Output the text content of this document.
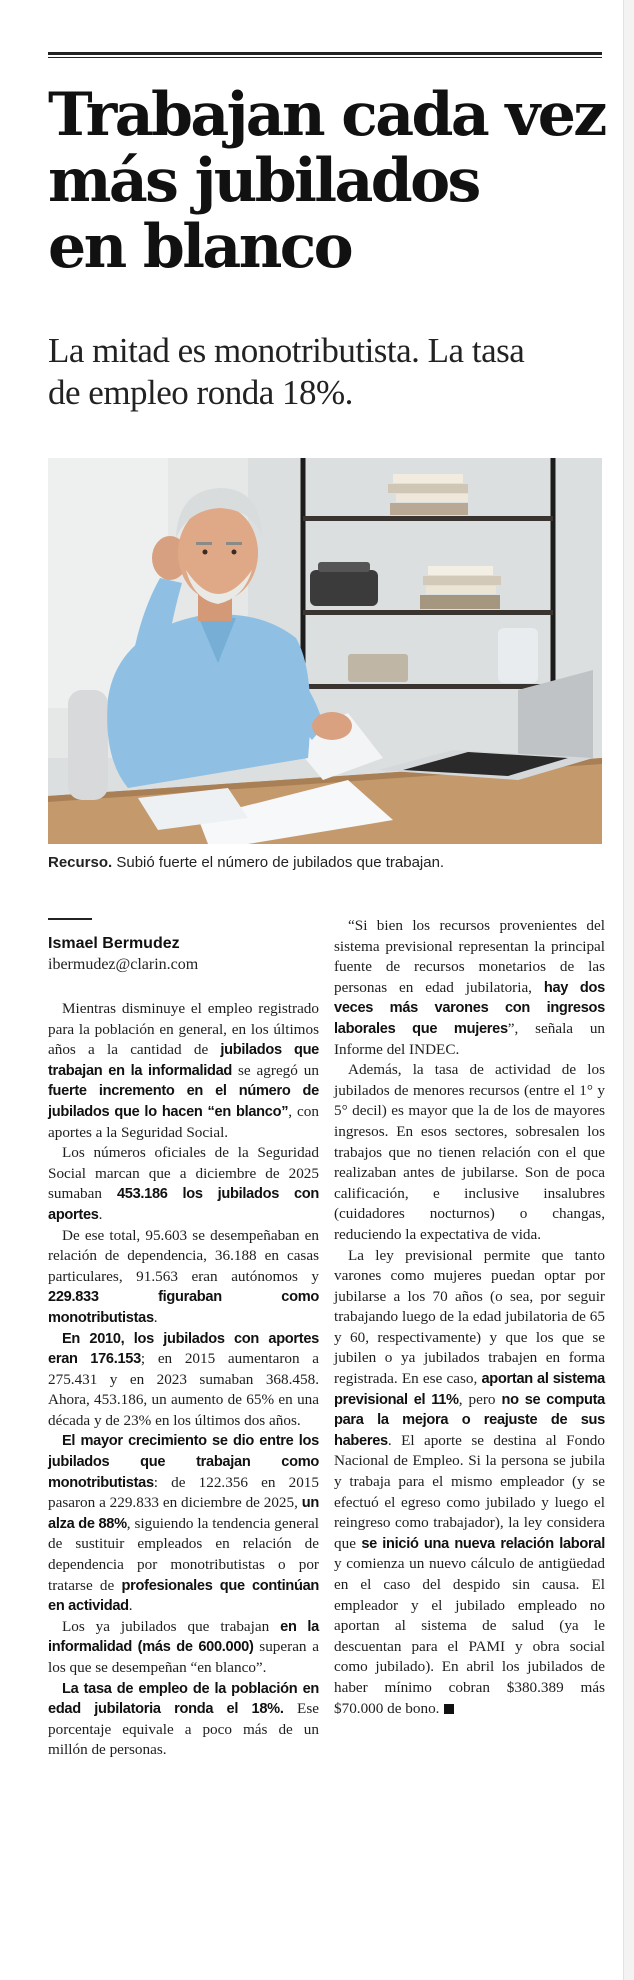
Trabajan cada vez
más jubilados
en blanco
La mitad es monotributista. La tasa
de empleo ronda 18%.
Recurso. Subió fuerte el número de jubilados que trabajan.
Ismael Bermudez
ibermudez@clarin.com

Mientras disminuye el empleo registrado para la población en general, en los últimos años a la cantidad de jubilados que trabajan en la informalidad se agregó un fuerte incremento en el número de jubilados que lo hacen “en blanco”, con aportes a la Seguridad Social.

Los números oficiales de la Seguridad Social marcan que a diciembre de 2025 sumaban 453.186 los jubilados con aportes.

De ese total, 95.603 se desempeñaban en relación de dependencia, 36.188 en casas particulares, 91.563 eran autónomos y 229.833 figuraban como monotributistas.

En 2010, los jubilados con aportes eran 176.153; en 2015 aumentaron a 275.431 y en 2023 sumaban 368.458. Ahora, 453.186, un aumento de 65% en una década y de 23% en los últimos dos años.

El mayor crecimiento se dio entre los jubilados que trabajan como monotributistas: de 122.356 en 2015 pasaron a 229.833 en diciembre de 2025, un alza de 88%, siguiendo la tendencia general de sustituir empleados en relación de dependencia por monotributistas o por tratarse de profesionales que continúan en actividad.

Los ya jubilados que trabajan en la informalidad (más de 600.000) superan a los que se desempeñan “en blanco”.

La tasa de empleo de la población en edad jubilatoria ronda el 18%. Ese porcentaje equivale a poco más de un millón de personas.

“Si bien los recursos provenientes del sistema previsional representan la principal fuente de recursos monetarios de las personas en edad jubilatoria, hay dos veces más varones con ingresos laborales que mujeres”, señala un Informe del INDEC.

Además, la tasa de actividad de los jubilados de menores recursos (entre el 1° y 5° decil) es mayor que la de los de mayores ingresos. En esos sectores, sobresalen los trabajos que no tienen relación con el que realizaban antes de jubilarse. Son de poca calificación, e inclusive insalubres (cuidadores nocturnos) o changas, reduciendo la expectativa de vida.

La ley previsional permite que tanto varones como mujeres puedan optar por jubilarse a los 70 años (o sea, por seguir trabajando luego de la edad jubilatoria de 65 y 60, respectivamente) y que los que se jubilen o ya jubilados trabajen en forma registrada. En ese caso, aportan al sistema previsional el 11%, pero no se computa para la mejora o reajuste de sus haberes. El aporte se destina al Fondo Nacional de Empleo. Si la persona se jubila y trabaja para el mismo empleador (y se efectuó el egreso como jubilado y luego el reingreso como trabajador), la ley considera que se inició una nueva relación laboral y comienza un nuevo cálculo de antigüedad en el caso del despido sin causa. El empleador y el jubilado empleado no aportan al sistema de salud (ya le descuentan para el PAMI y obra social como jubilado). En abril los jubilados de haber mínimo cobran $380.389 más $70.000 de bono.
